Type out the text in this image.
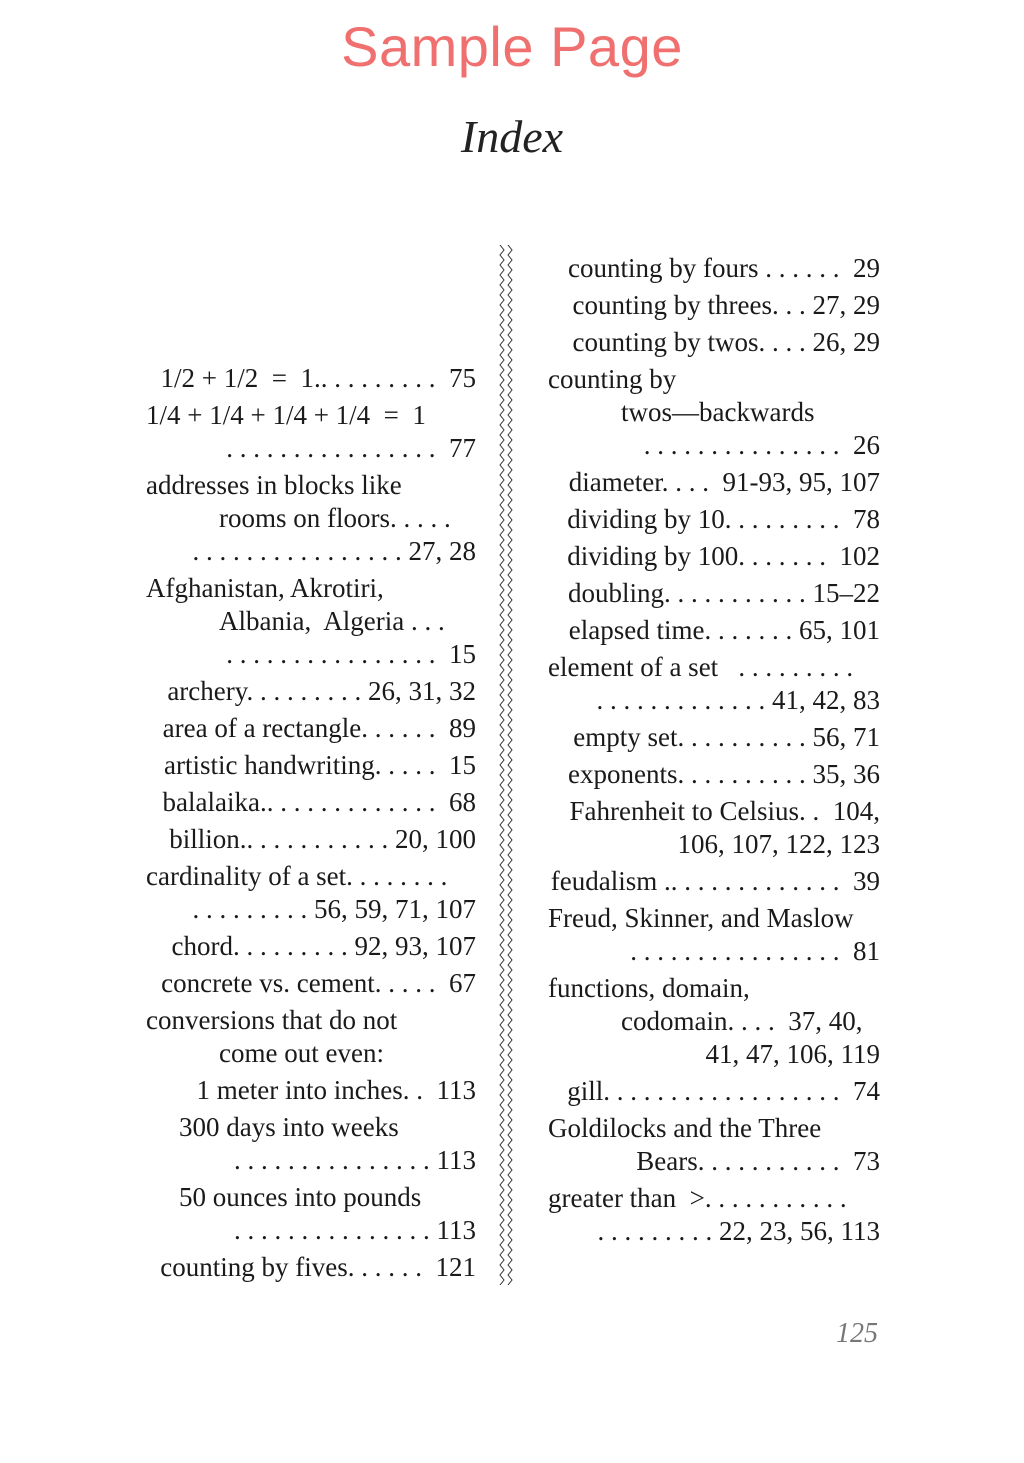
Sample Page
Index
1/2 + 1/2  =  1.. . . . . . . . .  75
1/4 + 1/4 + 1/4 + 1/4  =  1
. . . . . . . . . . . . . . . .  77
addresses in blocks like
rooms on floors. . . . .
. . . . . . . . . . . . . . . . 27, 28
Afghanistan, Akrotiri,
Albania,  Algeria . . .
. . . . . . . . . . . . . . . .  15
archery. . . . . . . . . 26, 31, 32
area of a rectangle. . . . . .  89
artistic handwriting. . . . .  15
balalaika.. . . . . . . . . . . . .  68
billion.. . . . . . . . . . . 20, 100
cardinality of a set. . . . . . . .
. . . . . . . . . 56, 59, 71, 107
chord. . . . . . . . . 92, 93, 107
concrete vs. cement. . . . .  67
conversions that do not
come out even:
1 meter into inches. .  113
300 days into weeks
. . . . . . . . . . . . . . . 113
50 ounces into pounds
. . . . . . . . . . . . . . . 113
counting by fives. . . . . .  121
counting by fours . . . . . .  29
counting by threes. . . 27, 29
counting by twos. . . . 26, 29
counting by
twos—backwards
. . . . . . . . . . . . . . .  26
diameter. . . .  91-93, 95, 107
dividing by 10. . . . . . . . .  78
dividing by 100. . . . . . .  102
doubling. . . . . . . . . . . 15–22
elapsed time. . . . . . . 65, 101
element of a set   . . . . . . . . .
. . . . . . . . . . . . . 41, 42, 83
empty set. . . . . . . . . . 56, 71
exponents. . . . . . . . . . 35, 36
Fahrenheit to Celsius. .  104,
106, 107, 122, 123
feudalism .. . . . . . . . . . . . .  39
Freud, Skinner, and Maslow
. . . . . . . . . . . . . . . .  81
functions, domain,
codomain. . . .  37, 40,
41, 47, 106, 119
gill. . . . . . . . . . . . . . . . . .  74
Goldilocks and the Three
Bears. . . . . . . . . . .  73
greater than  >. . . . . . . . . . .
. . . . . . . . . 22, 23, 56, 113
125
